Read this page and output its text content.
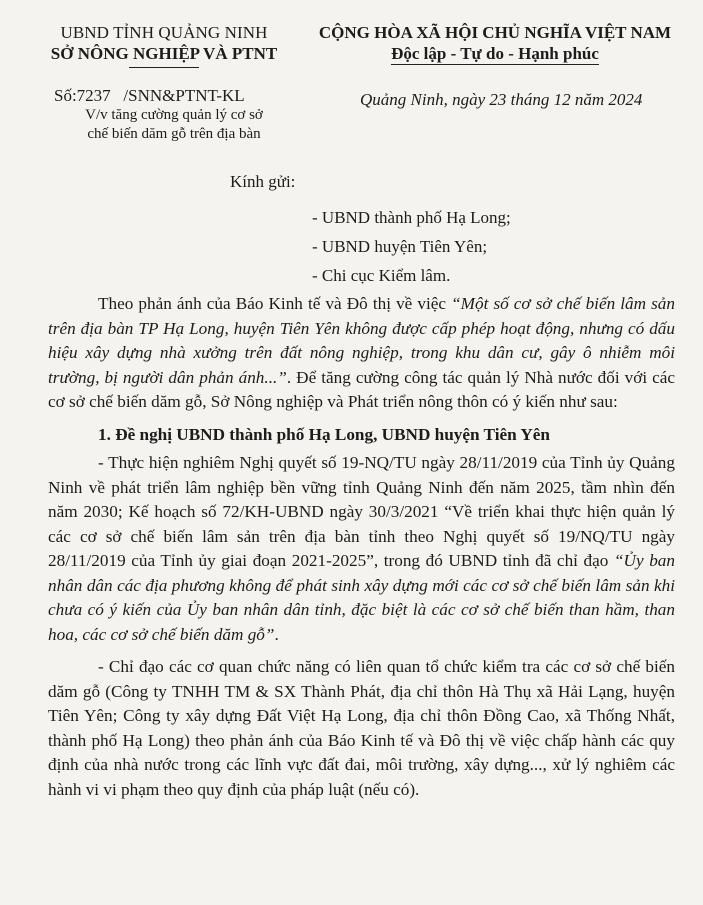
UBND TỈNH QUẢNG NINH
SỞ NÔNG NGHIỆP VÀ PTNT
CỘNG HÒA XÃ HỘI CHỦ NGHĨA VIỆT NAM
Độc lập - Tự do - Hạnh phúc
Số:7237   /SNN&PTNT-KL
V/v tăng cường quản lý cơ sở
chế biến dăm gỗ trên địa bàn
Quảng Ninh, ngày 23 tháng 12 năm 2024
Kính gửi:
- UBND thành phố Hạ Long;
- UBND huyện Tiên Yên;
- Chi cục Kiểm lâm.

Theo phản ánh của Báo Kinh tế và Đô thị về việc “Một số cơ sở chế biến lâm sản trên địa bàn TP Hạ Long, huyện Tiên Yên không được cấp phép hoạt động, nhưng có dấu hiệu xây dựng nhà xưởng trên đất nông nghiệp, trong khu dân cư, gây ô nhiễm môi trường, bị người dân phản ánh...”. Để tăng cường công tác quản lý Nhà nước đối với các cơ sở chế biến dăm gỗ, Sở Nông nghiệp và Phát triển nông thôn có ý kiến như sau:

1. Đề nghị UBND thành phố Hạ Long, UBND huyện Tiên Yên

- Thực hiện nghiêm Nghị quyết số 19-NQ/TU ngày 28/11/2019 của Tỉnh ủy Quảng Ninh về phát triển lâm nghiệp bền vững tỉnh Quảng Ninh đến năm 2025, tầm nhìn đến năm 2030; Kế hoạch số 72/KH-UBND ngày 30/3/2021 “Về triển khai thực hiện quản lý các cơ sở chế biến lâm sản trên địa bàn tỉnh theo Nghị quyết số 19/NQ/TU ngày 28/11/2019 của Tỉnh ủy giai đoạn 2021-2025”, trong đó UBND tỉnh đã chỉ đạo “Ủy ban nhân dân các địa phương không để phát sinh xây dựng mới các cơ sở chế biến lâm sản khi chưa có ý kiến của Ủy ban nhân dân tỉnh, đặc biệt là các cơ sở chế biến than hầm, than hoa, các cơ sở chế biến dăm gỗ”.

- Chỉ đạo các cơ quan chức năng có liên quan tổ chức kiểm tra các cơ sở chế biến dăm gỗ (Công ty TNHH TM & SX Thành Phát, địa chỉ thôn Hà Thụ xã Hải Lạng, huyện Tiên Yên; Công ty xây dựng Đất Việt Hạ Long, địa chỉ thôn Đồng Cao, xã Thống Nhất, thành phố Hạ Long) theo phản ánh của Báo Kinh tế và Đô thị về việc chấp hành các quy định của nhà nước trong các lĩnh vực đất đai, môi trường, xây dựng..., xử lý nghiêm các hành vi vi phạm theo quy định của pháp luật (nếu có).
